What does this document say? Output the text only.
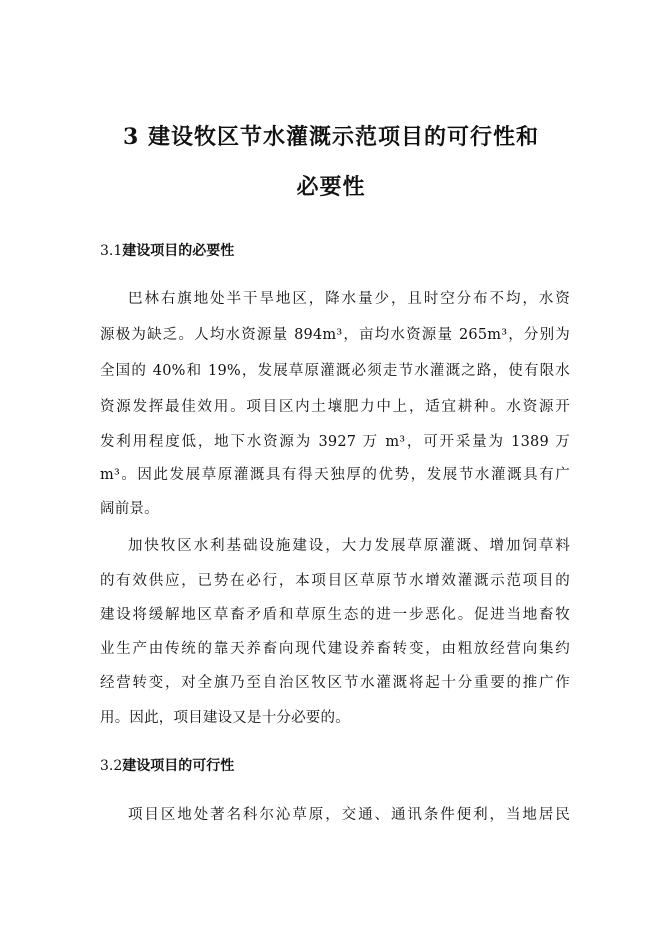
3 建设牧区节水灌溉示范项目的可行性和
必要性
3.1建设项目的必要性
巴林右旗地处半干旱地区，降水量少，且时空分布不均，水资
源极为缺乏。人均水资源量 894m³，亩均水资源量 265m³，分别为
全国的 40%和 19%，发展草原灌溉必须走节水灌溉之路，使有限水
资源发挥最佳效用。项目区内土壤肥力中上，适宜耕种。水资源开
发利用程度低，地下水资源为 3927 万 m³，可开采量为 1389 万
m³。因此发展草原灌溉具有得天独厚的优势，发展节水灌溉具有广
阔前景。
加快牧区水利基础设施建设，大力发展草原灌溉、增加饲草料
的有效供应，已势在必行，本项目区草原节水增效灌溉示范项目的
建设将缓解地区草畜矛盾和草原生态的进一步恶化。促进当地畜牧
业生产由传统的靠天养畜向现代建设养畜转变，由粗放经营向集约
经营转变，对全旗乃至自治区牧区节水灌溉将起十分重要的推广作
用。因此，项目建设又是十分必要的。
3.2建设项目的可行性
项目区地处著名科尔沁草原，交通、通讯条件便利，当地居民
